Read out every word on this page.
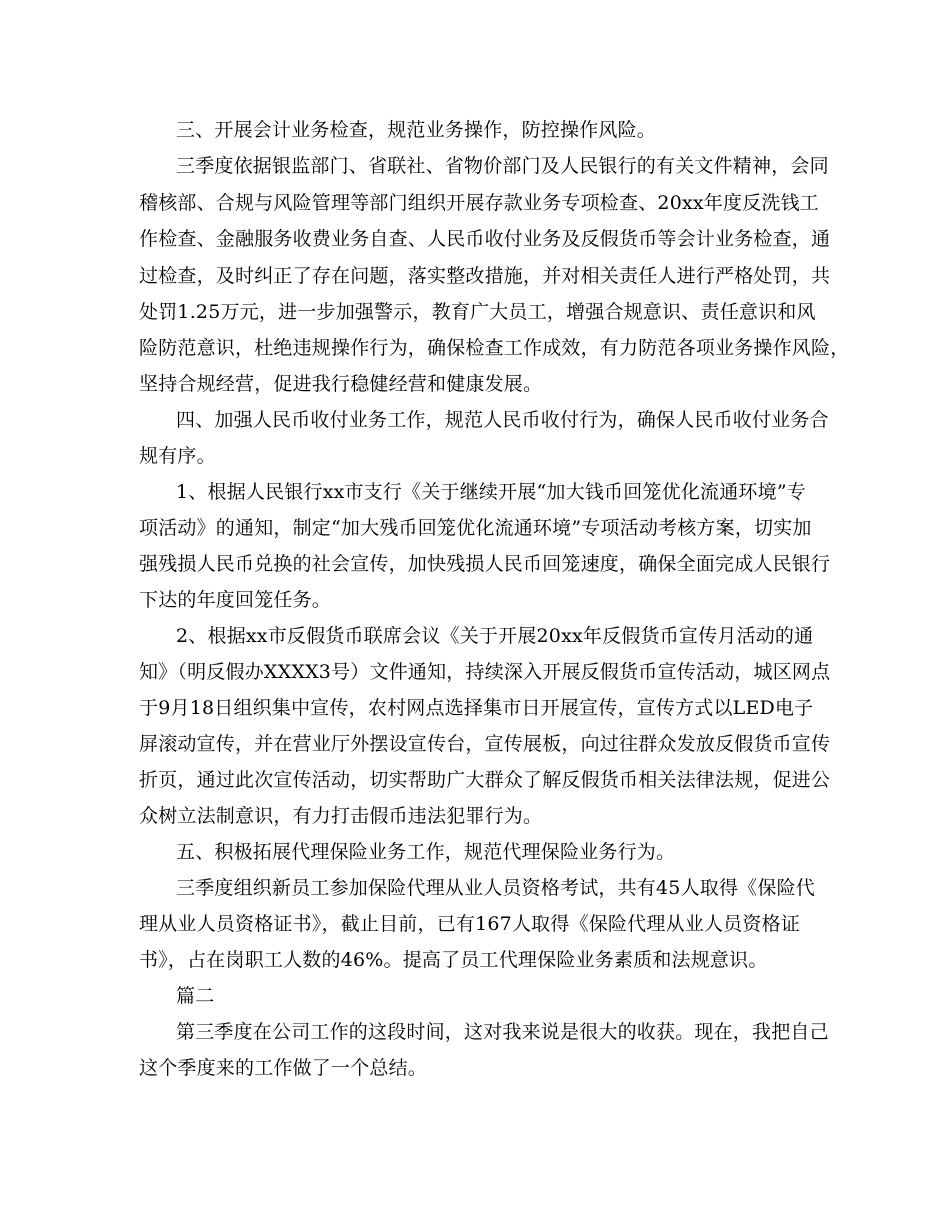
三、开展会计业务检查，规范业务操作，防控操作风险。
三季度依据银监部门、省联社、省物价部门及人民银行的有关文件精神，会同
稽核部、合规与风险管理等部门组织开展存款业务专项检查、20xx年度反洗钱工
作检查、金融服务收费业务自查、人民币收付业务及反假货币等会计业务检查，通
过检查，及时纠正了存在问题，落实整改措施，并对相关责任人进行严格处罚，共
处罚1.25万元，进一步加强警示，教育广大员工，增强合规意识、责任意识和风
险防范意识，杜绝违规操作行为，确保检查工作成效，有力防范各项业务操作风险，
坚持合规经营，促进我行稳健经营和健康发展。
四、加强人民币收付业务工作，规范人民币收付行为，确保人民币收付业务合
规有序。
1、根据人民银行xx市支行《关于继续开展“加大钱币回笼优化流通环境”专
项活动》的通知，制定“加大残币回笼优化流通环境”专项活动考核方案，切实加
强残损人民币兑换的社会宣传，加快残损人民币回笼速度，确保全面完成人民银行
下达的年度回笼任务。
2、根据xx市反假货币联席会议《关于开展20xx年反假货币宣传月活动的通
知》（明反假办XXXX3号）文件通知，持续深入开展反假货币宣传活动，城区网点
于9月18日组织集中宣传，农村网点选择集市日开展宣传，宣传方式以LED电子
屏滚动宣传，并在营业厅外摆设宣传台，宣传展板，向过往群众发放反假货币宣传
折页，通过此次宣传活动，切实帮助广大群众了解反假货币相关法律法规，促进公
众树立法制意识，有力打击假币违法犯罪行为。
五、积极拓展代理保险业务工作，规范代理保险业务行为。
三季度组织新员工参加保险代理从业人员资格考试，共有45人取得《保险代
理从业人员资格证书》，截止目前，已有167人取得《保险代理从业人员资格证
书》，占在岗职工人数的46%。提高了员工代理保险业务素质和法规意识。
篇二
第三季度在公司工作的这段时间，这对我来说是很大的收获。现在，我把自己
这个季度来的工作做了一个总结。
